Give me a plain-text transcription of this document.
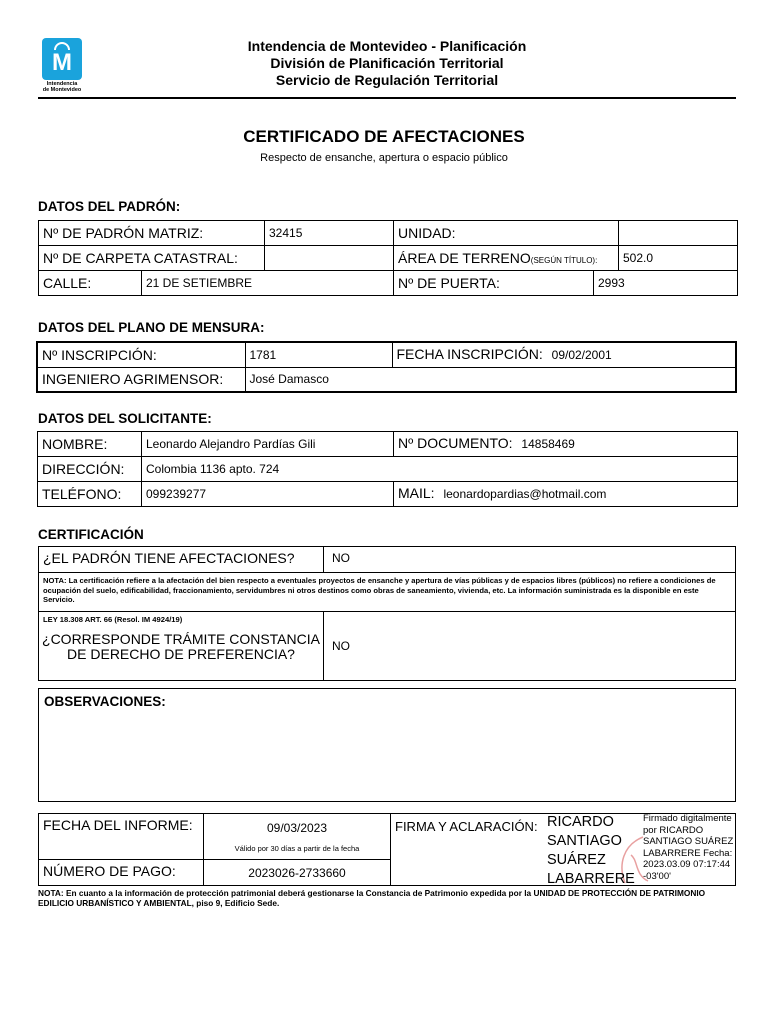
M
Intendencia
de Montevideo
Intendencia de Montevideo - Planificación
División de Planificación Territorial
Servicio de Regulación Territorial
CERTIFICADO DE AFECTACIONES
Respecto de ensanche, apertura o espacio público
DATOS DEL PADRÓN:
Nº DE PADRÓN MATRIZ:	32415	UNIDAD:	
Nº DE CARPETA CATASTRAL:		ÁREA DE TERRENO(SEGÚN TÍTULO):	502.0
CALLE:	21 DE SETIEMBRE	Nº DE PUERTA:	2993
DATOS DEL PLANO DE MENSURA:
Nº INSCRIPCIÓN:	1781	FECHA INSCRIPCIÓN: 09/02/2001
INGENIERO AGRIMENSOR:	José Damasco	
DATOS DEL SOLICITANTE:
NOMBRE:	Leonardo Alejandro Pardías Gili	Nº DOCUMENTO: 14858469
DIRECCIÓN:	Colombia 1136 apto. 724	
TELÉFONO:	099239277	MAIL: leonardopardias@hotmail.com
CERTIFICACIÓN
¿EL PADRÓN TIENE AFECTACIONES?	NO
NOTA: La certificación refiere a la afectación del bien respecto a eventuales proyectos de ensanche y apertura de vías públicas y de espacios libres (públicos) no refiere a condiciones de ocupación del suelo, edificabilidad, fraccionamiento, servidumbres ni otros destinos como obras de saneamiento, vivienda, etc. La información suministrada es la disponible en este Servicio.
LEY 18.308 ART. 66 (Resol. IM 4924/19)
¿CORRESPONDE TRÁMITE CONSTANCIA DE DERECHO DE PREFERENCIA?	NO
OBSERVACIONES:
FECHA DEL INFORME:	09/03/2023
Válido por 30 días a partir de la fecha
NÚMERO DE PAGO:	2023026-2733660
FIRMA Y ACLARACIÓN: RICARDO SANTIAGO SUÁREZ LABARRERE
Firmado digitalmente por RICARDO SANTIAGO SUÁREZ LABARRERE Fecha: 2023.03.09 07:17:44 -03'00'
NOTA: En cuanto a la información de protección patrimonial deberá gestionarse la Constancia de Patrimonio expedida por la UNIDAD DE PROTECCIÓN DE PATRIMONIO EDILICIO URBANÍSTICO Y AMBIENTAL, piso 9, Edificio Sede.
